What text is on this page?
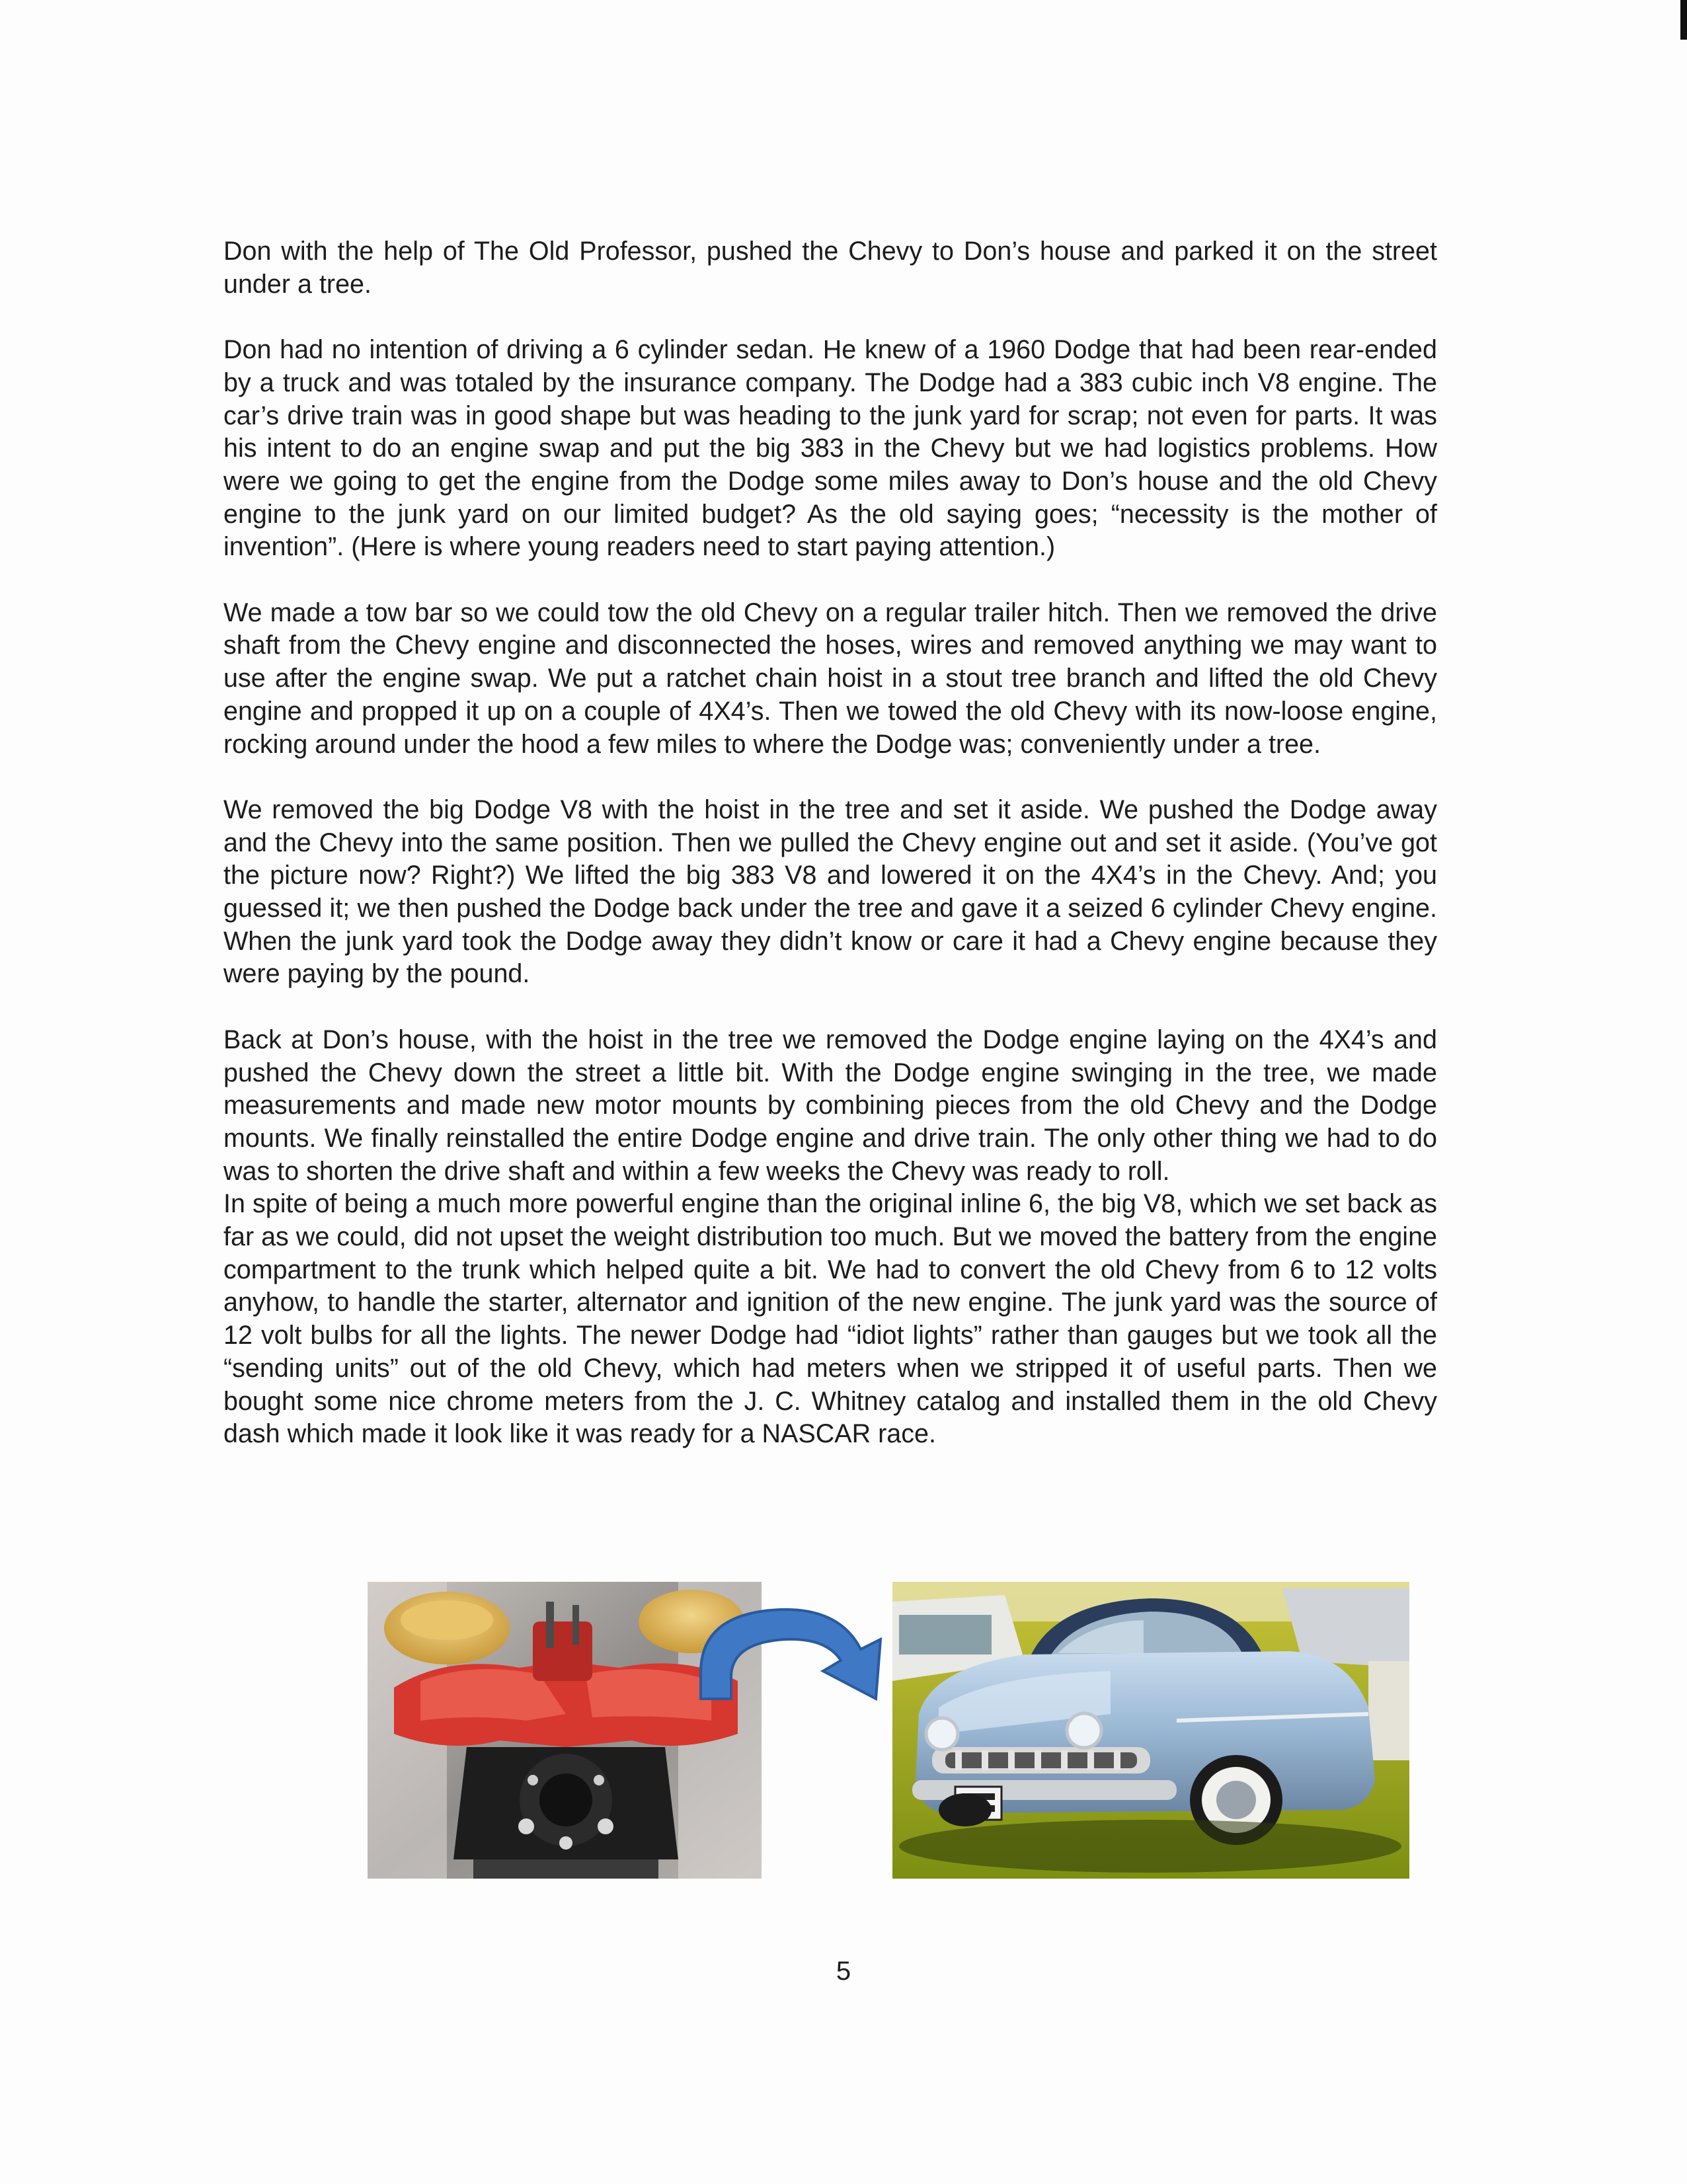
Don with the help of The Old Professor, pushed the Chevy to Don’s house and parked it on the street under a tree.

Don had no intention of driving a 6 cylinder sedan. He knew of a 1960 Dodge that had been rear-ended by a truck and was totaled by the insurance company. The Dodge had a 383 cubic inch V8 engine. The car’s drive train was in good shape but was heading to the junk yard for scrap; not even for parts. It was his intent to do an engine swap and put the big 383 in the Chevy but we had logistics problems. How were we going to get the engine from the Dodge some miles away to Don’s house and the old Chevy engine to the junk yard on our limited budget? As the old saying goes; “necessity is the mother of invention”. (Here is where young readers need to start paying attention.)

We made a tow bar so we could tow the old Chevy on a regular trailer hitch. Then we removed the drive shaft from the Chevy engine and disconnected the hoses, wires and removed anything we may want to use after the engine swap. We put a ratchet chain hoist in a stout tree branch and lifted the old Chevy engine and propped it up on a couple of 4X4’s. Then we towed the old Chevy with its now-loose engine, rocking around under the hood a few miles to where the Dodge was; conveniently under a tree.

We removed the big Dodge V8 with the hoist in the tree and set it aside. We pushed the Dodge away and the Chevy into the same position. Then we pulled the Chevy engine out and set it aside. (You’ve got the picture now? Right?) We lifted the big 383 V8 and lowered it on the 4X4’s in the Chevy. And; you guessed it; we then pushed the Dodge back under the tree and gave it a seized 6 cylinder Chevy engine. When the junk yard took the Dodge away they didn’t know or care it had a Chevy engine because they were paying by the pound.

Back at Don’s house, with the hoist in the tree we removed the Dodge engine laying on the 4X4’s and pushed the Chevy down the street a little bit. With the Dodge engine swinging in the tree, we made measurements and made new motor mounts by combining pieces from the old Chevy and the Dodge mounts. We finally reinstalled the entire Dodge engine and drive train. The only other thing we had to do was to shorten the drive shaft and within a few weeks the Chevy was ready to roll.

In spite of being a much more powerful engine than the original inline 6, the big V8, which we set back as far as we could, did not upset the weight distribution too much. But we moved the battery from the engine compartment to the trunk which helped quite a bit. We had to convert the old Chevy from 6 to 12 volts anyhow, to handle the starter, alternator and ignition of the new engine. The junk yard was the source of 12 volt bulbs for all the lights. The newer Dodge had “idiot lights” rather than gauges but we took all the “sending units” out of the old Chevy, which had meters when we stripped it of useful parts. Then we bought some nice chrome meters from the J. C. Whitney catalog and installed them in the old Chevy dash which made it look like it was ready for a NASCAR race.

5
